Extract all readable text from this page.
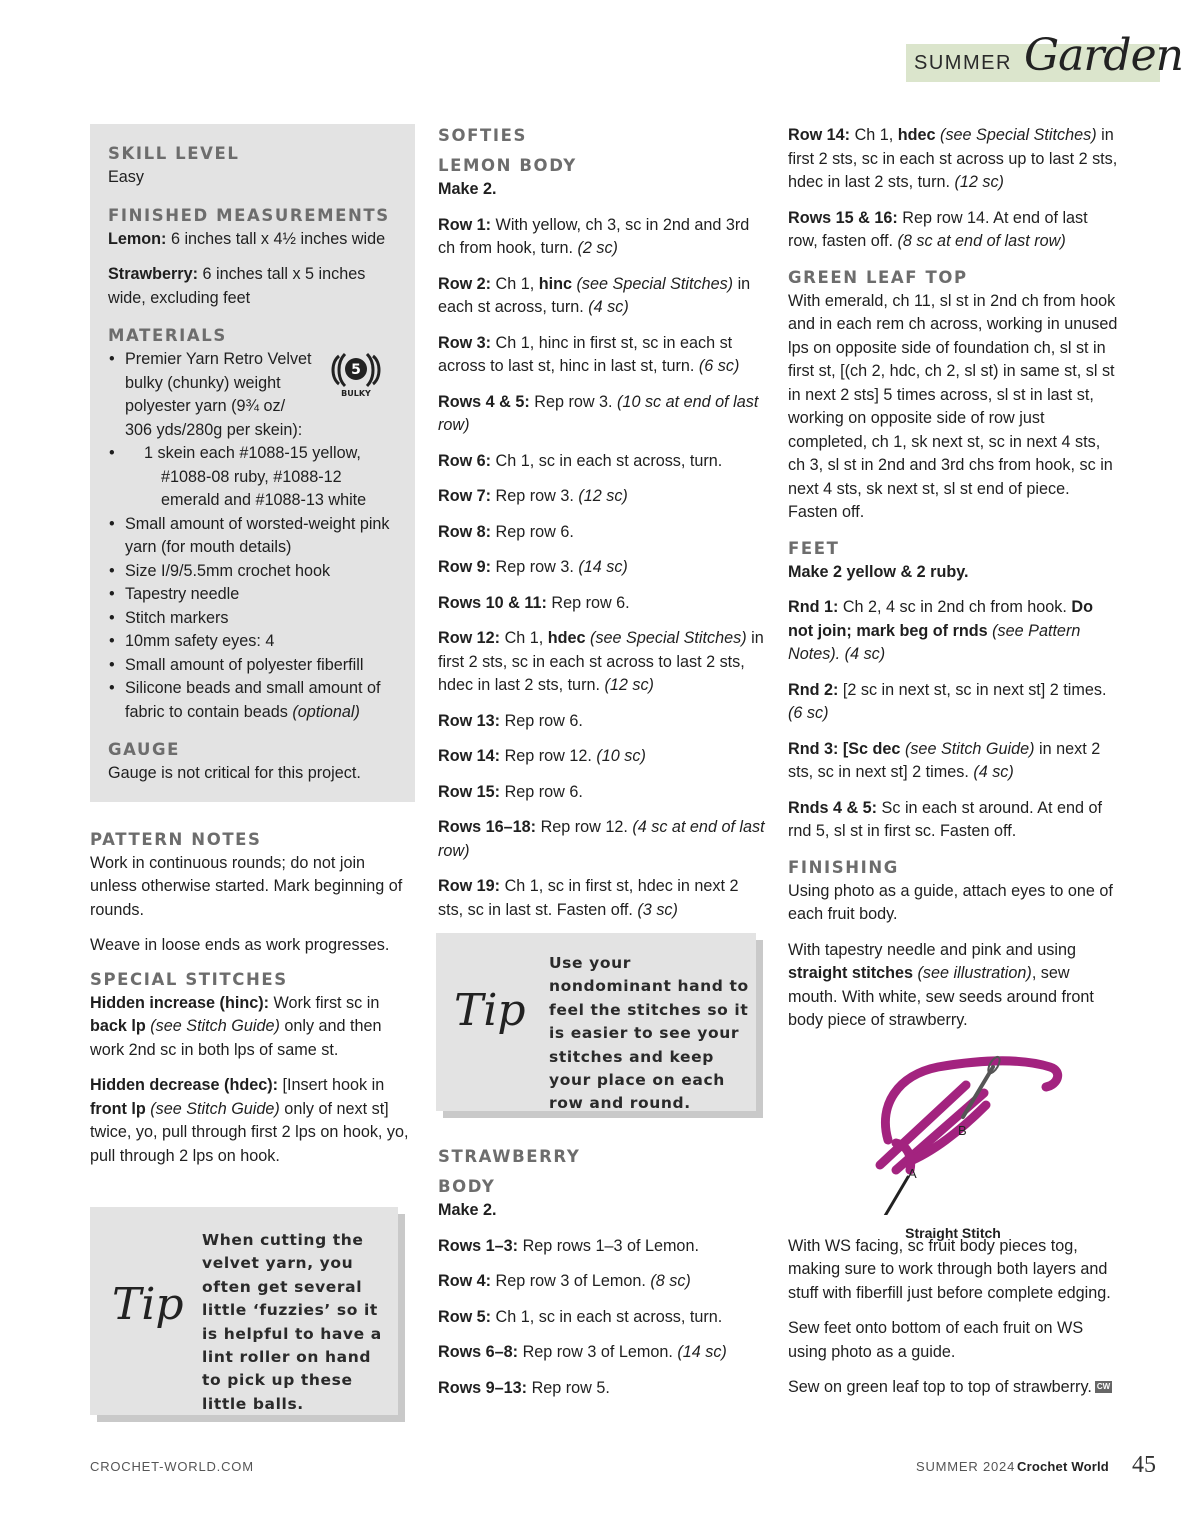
SUMMER Garden
SKILL LEVEL

Easy

FINISHED MEASUREMENTS

Lemon: 6 inches tall x 4½ inches wide

Strawberry: 6 inches tall x 5 inches wide, excluding feet

MATERIALS
5
BULKY
• Premier Yarn Retro Velvet
bulky (chunky) weight
polyester yarn (9¾ oz/
306 yds/280g per skein):
• 1 skein each #1088-15 yellow,
#1088-08 ruby, #1088-12
emerald and #1088-13 white
• Small amount of worsted-weight pink yarn (for mouth details)
• Size I/9/5.5mm crochet hook
• Tapestry needle
• Stitch markers
• 10mm safety eyes: 4
• Small amount of polyester fiberfill
• Silicone beads and small amount of fabric to contain beads (optional)
GAUGE

Gauge is not critical for this project.

PATTERN NOTES

Work in continuous rounds; do not join unless otherwise started. Mark beginning of rounds.

Weave in loose ends as work progresses.

SPECIAL STITCHES

Hidden increase (hinc): Work first sc in back lp (see Stitch Guide) only and then work 2nd sc in both lps of same st.

Hidden decrease (hdec): [Insert hook in front lp (see Stitch Guide) only of next st] twice, yo, pull through first 2 lps on hook, yo, pull through 2 lps on hook.

Tip
When cutting the velvet yarn, you often get several little ‘fuzzies’ so it is helpful to have a lint roller on hand to pick up these little balls.
SOFTIES
LEMON BODY

Make 2.

Row 1: With yellow, ch 3, sc in 2nd and 3rd ch from hook, turn. (2 sc)

Row 2: Ch 1, hinc (see Special Stitches) in each st across, turn. (4 sc)

Row 3: Ch 1, hinc in first st, sc in each st across to last st, hinc in last st, turn. (6 sc)

Rows 4 & 5: Rep row 3. (10 sc at end of last row)

Row 6: Ch 1, sc in each st across, turn.

Row 7: Rep row 3. (12 sc)

Row 8: Rep row 6.

Row 9: Rep row 3. (14 sc)

Rows 10 & 11: Rep row 6.

Row 12: Ch 1, hdec (see Special Stitches) in first 2 sts, sc in each st across to last 2 sts, hdec in last 2 sts, turn. (12 sc)

Row 13: Rep row 6.

Row 14: Rep row 12. (10 sc)

Row 15: Rep row 6.

Rows 16–18: Rep row 12. (4 sc at end of last row)

Row 19: Ch 1, sc in first st, hdec in next 2 sts, sc in last st. Fasten off. (3 sc)

Tip
Use your nondominant hand to feel the stitches so it is easier to see your stitches and keep your place on each row and round.
STRAWBERRY
BODY

Make 2.

Rows 1–3: Rep rows 1–3 of Lemon.

Row 4: Rep row 3 of Lemon. (8 sc)

Row 5: Ch 1, sc in each st across, turn.

Rows 6–8: Rep row 3 of Lemon. (14 sc)

Rows 9–13: Rep row 5.

Row 14: Ch 1, hdec (see Special Stitches) in first 2 sts, sc in each st across up to last 2 sts, hdec in last 2 sts, turn. (12 sc)

Rows 15 & 16: Rep row 14. At end of last row, fasten off. (8 sc at end of last row)

GREEN LEAF TOP

With emerald, ch 11, sl st in 2nd ch from hook and in each rem ch across, working in unused lps on opposite side of foundation ch, sl st in first st, [(ch 2, hdc, ch 2, sl st) in same st, sl st in next 2 sts] 5 times across, sl st in last st, working on opposite side of row just completed, ch 1, sk next st, sc in next 4 sts, ch 3, sl st in 2nd and 3rd chs from hook, sc in next 4 sts, sk next st, sl st end of piece. Fasten off.

FEET

Make 2 yellow & 2 ruby.

Rnd 1: Ch 2, 4 sc in 2nd ch from hook. Do not join; mark beg of rnds (see Pattern Notes). (4 sc)

Rnd 2: [2 sc in next st, sc in next st] 2 times. (6 sc)

Rnd 3: [Sc dec (see Stitch Guide) in next 2 sts, sc in next st] 2 times. (4 sc)

Rnds 4 & 5: Sc in each st around. At end of rnd 5, sl st in first sc. Fasten off.

FINISHING

Using photo as a guide, attach eyes to one of each fruit body.

With tapestry needle and pink and using straight stitches (see illustration), sew mouth. With white, sew seeds around front body piece of strawberry.

B
A
Straight Stitch

With WS facing, sc fruit body pieces tog, making sure to work through both layers and stuff with fiberfill just before complete edging.

Sew feet onto bottom of each fruit on WS using photo as a guide.

Sew on green leaf top to top of strawberry. CW

CROCHET-WORLD.COM	SUMMER 2024 Crochet World 45
